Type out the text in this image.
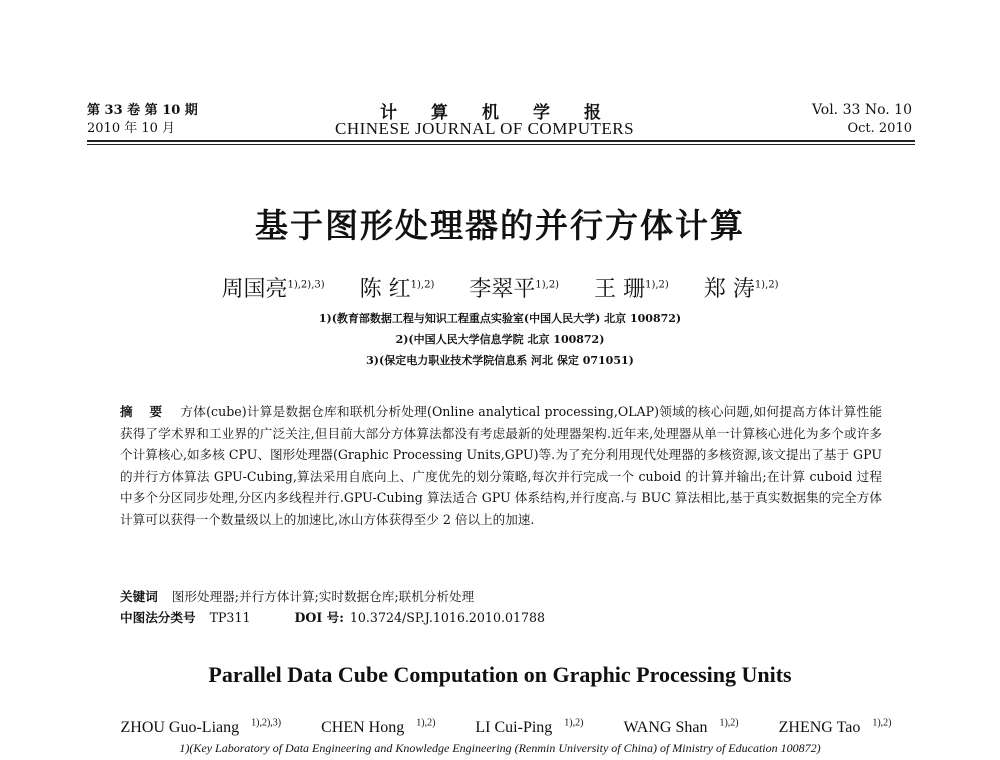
第 33 卷 第 10 期
2010 年 10 月
计算机学报
CHINESE JOURNAL OF COMPUTERS
Vol. 33 No. 10
Oct. 2010
基于图形处理器的并行方体计算
周国亮$^{1),2),3)}$ 陈 红$^{1),2)}$ 李翠平$^{1),2)}$ 王 珊$^{1),2)}$ 郑 涛$^{1),2)}$
1)(教育部数据工程与知识工程重点实验室(中国人民大学) 北京 100872)
2)(中国人民大学信息学院 北京 100872)
3)(保定电力职业技术学院信息系 河北 保定 071051)
摘 要 方体(cube)计算是数据仓库和联机分析处理(Online analytical processing,OLAP)领域的核心问题,如何提高方体计算性能获得了学术界和工业界的广泛关注,但目前大部分方体算法都没有考虑最新的处理器架构.近年来,处理器从单一计算核心进化为多个或许多个计算核心,如多核 CPU、图形处理器(Graphic Processing Units,GPU)等.为了充分利用现代处理器的多核资源,该文提出了基于 GPU 的并行方体算法 GPU-Cubing,算法采用自底向上、广度优先的划分策略,每次并行完成一个 cuboid 的计算并输出;在计算 cuboid 过程中多个分区同步处理,分区内多线程并行.GPU-Cubing 算法适合 GPU 体系结构,并行度高.与 BUC 算法相比,基于真实数据集的完全方体计算可以获得一个数量级以上的加速比,冰山方体获得至少 2 倍以上的加速.
关键词 图形处理器;并行方体计算;实时数据仓库;联机分析处理
中图法分类号 TP311	DOI 号: 10.3724/SP.J.1016.2010.01788
Parallel Data Cube Computation on Graphic Processing Units
ZHOU Guo-Liang $^{1),2),3)}$	CHEN Hong $^{1),2)}$	LI Cui-Ping $^{1),2)}$	WANG Shan $^{1),2)}$	ZHENG Tao $^{1),2)}$
1)(Key Laboratory of Data Engineering and Knowledge Engineering (Renmin University of China) of Ministry of Education 100872)
